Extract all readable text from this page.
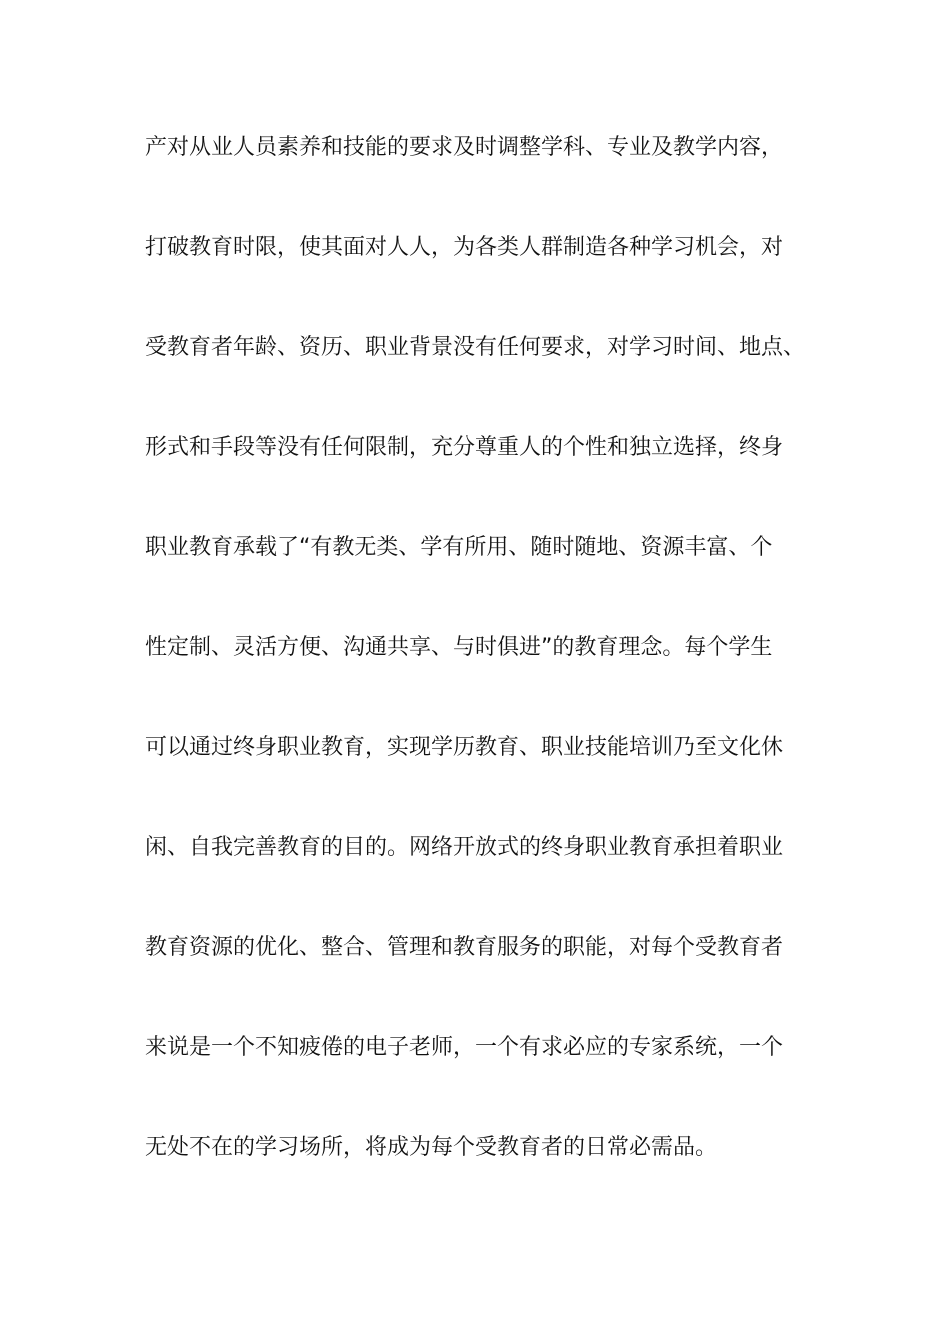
产对从业人员素养和技能的要求及时调整学科、专业及教学内容，
打破教育时限，使其面对人人，为各类人群制造各种学习机会，对
受教育者年龄、资历、职业背景没有任何要求，对学习时间、地点、
形式和手段等没有任何限制，充分尊重人的个性和独立选择，终身
职业教育承载了“有教无类、学有所用、随时随地、资源丰富、个
性定制、灵活方便、沟通共享、与时俱进”的教育理念。每个学生
可以通过终身职业教育，实现学历教育、职业技能培训乃至文化休
闲、自我完善教育的目的。网络开放式的终身职业教育承担着职业
教育资源的优化、整合、管理和教育服务的职能，对每个受教育者
来说是一个不知疲倦的电子老师，一个有求必应的专家系统，一个
无处不在的学习场所，将成为每个受教育者的日常必需品。
